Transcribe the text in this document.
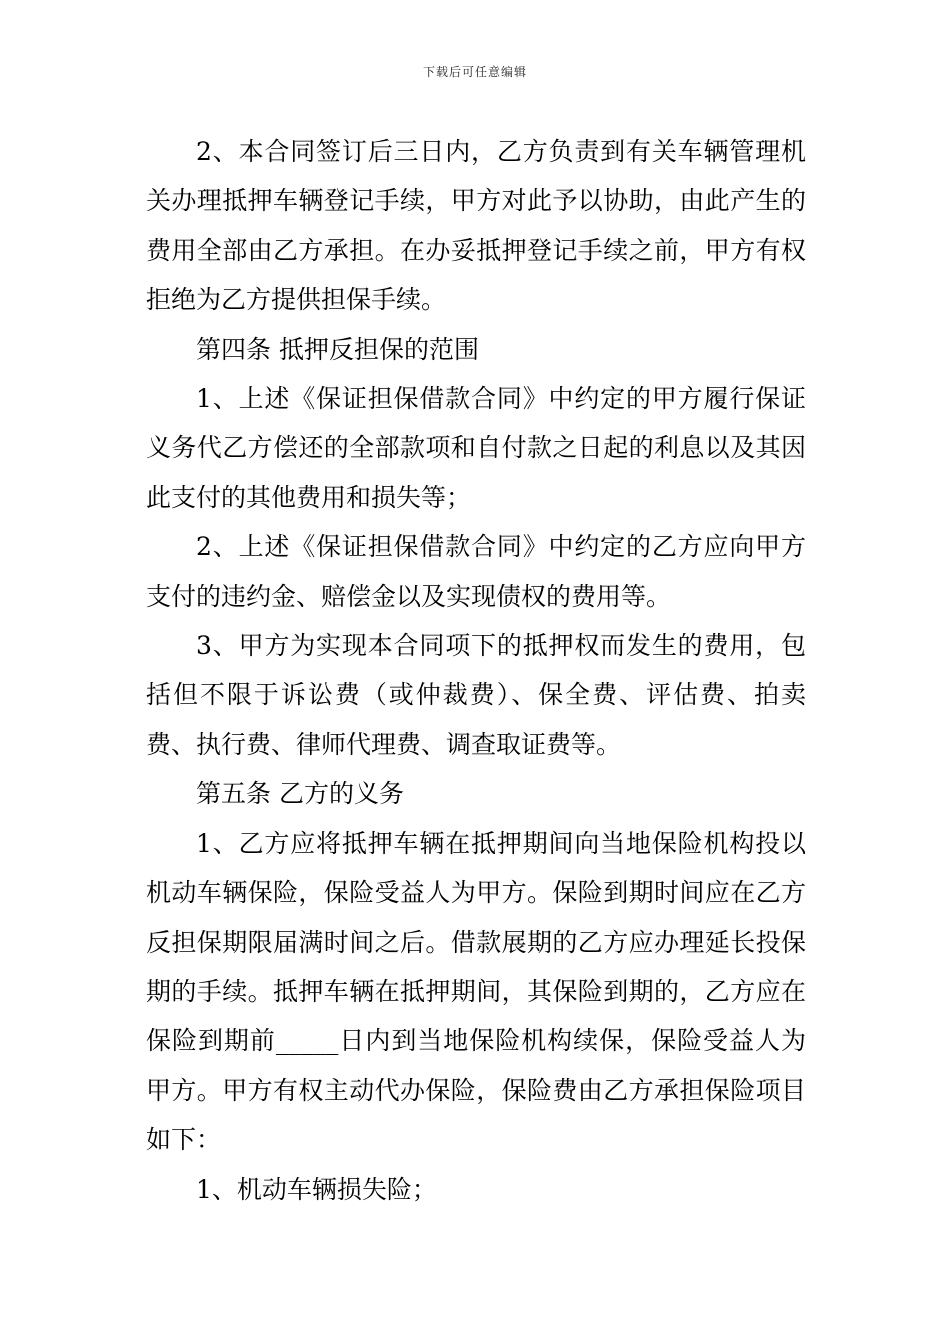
下载后可任意编辑

2、本合同签订后三日内，乙方负责到有关车辆管理机关办理抵押车辆登记手续，甲方对此予以协助，由此产生的费用全部由乙方承担。在办妥抵押登记手续之前，甲方有权拒绝为乙方提供担保手续。

第四条 抵押反担保的范围

1、上述《保证担保借款合同》中约定的甲方履行保证义务代乙方偿还的全部款项和自付款之日起的利息以及其因此支付的其他费用和损失等；

2、上述《保证担保借款合同》中约定的乙方应向甲方支付的违约金、赔偿金以及实现债权的费用等。

3、甲方为实现本合同项下的抵押权而发生的费用，包括但不限于诉讼费（或仲裁费）、保全费、评估费、拍卖费、执行费、律师代理费、调查取证费等。

第五条 乙方的义务

1、乙方应将抵押车辆在抵押期间向当地保险机构投以机动车辆保险，保险受益人为甲方。保险到期时间应在乙方反担保期限届满时间之后。借款展期的乙方应办理延长投保期的手续。抵押车辆在抵押期间，其保险到期的，乙方应在保险到期前_____日内到当地保险机构续保，保险受益人为甲方。甲方有权主动代办保险，保险费由乙方承担保险项目如下：

1、机动车辆损失险；
